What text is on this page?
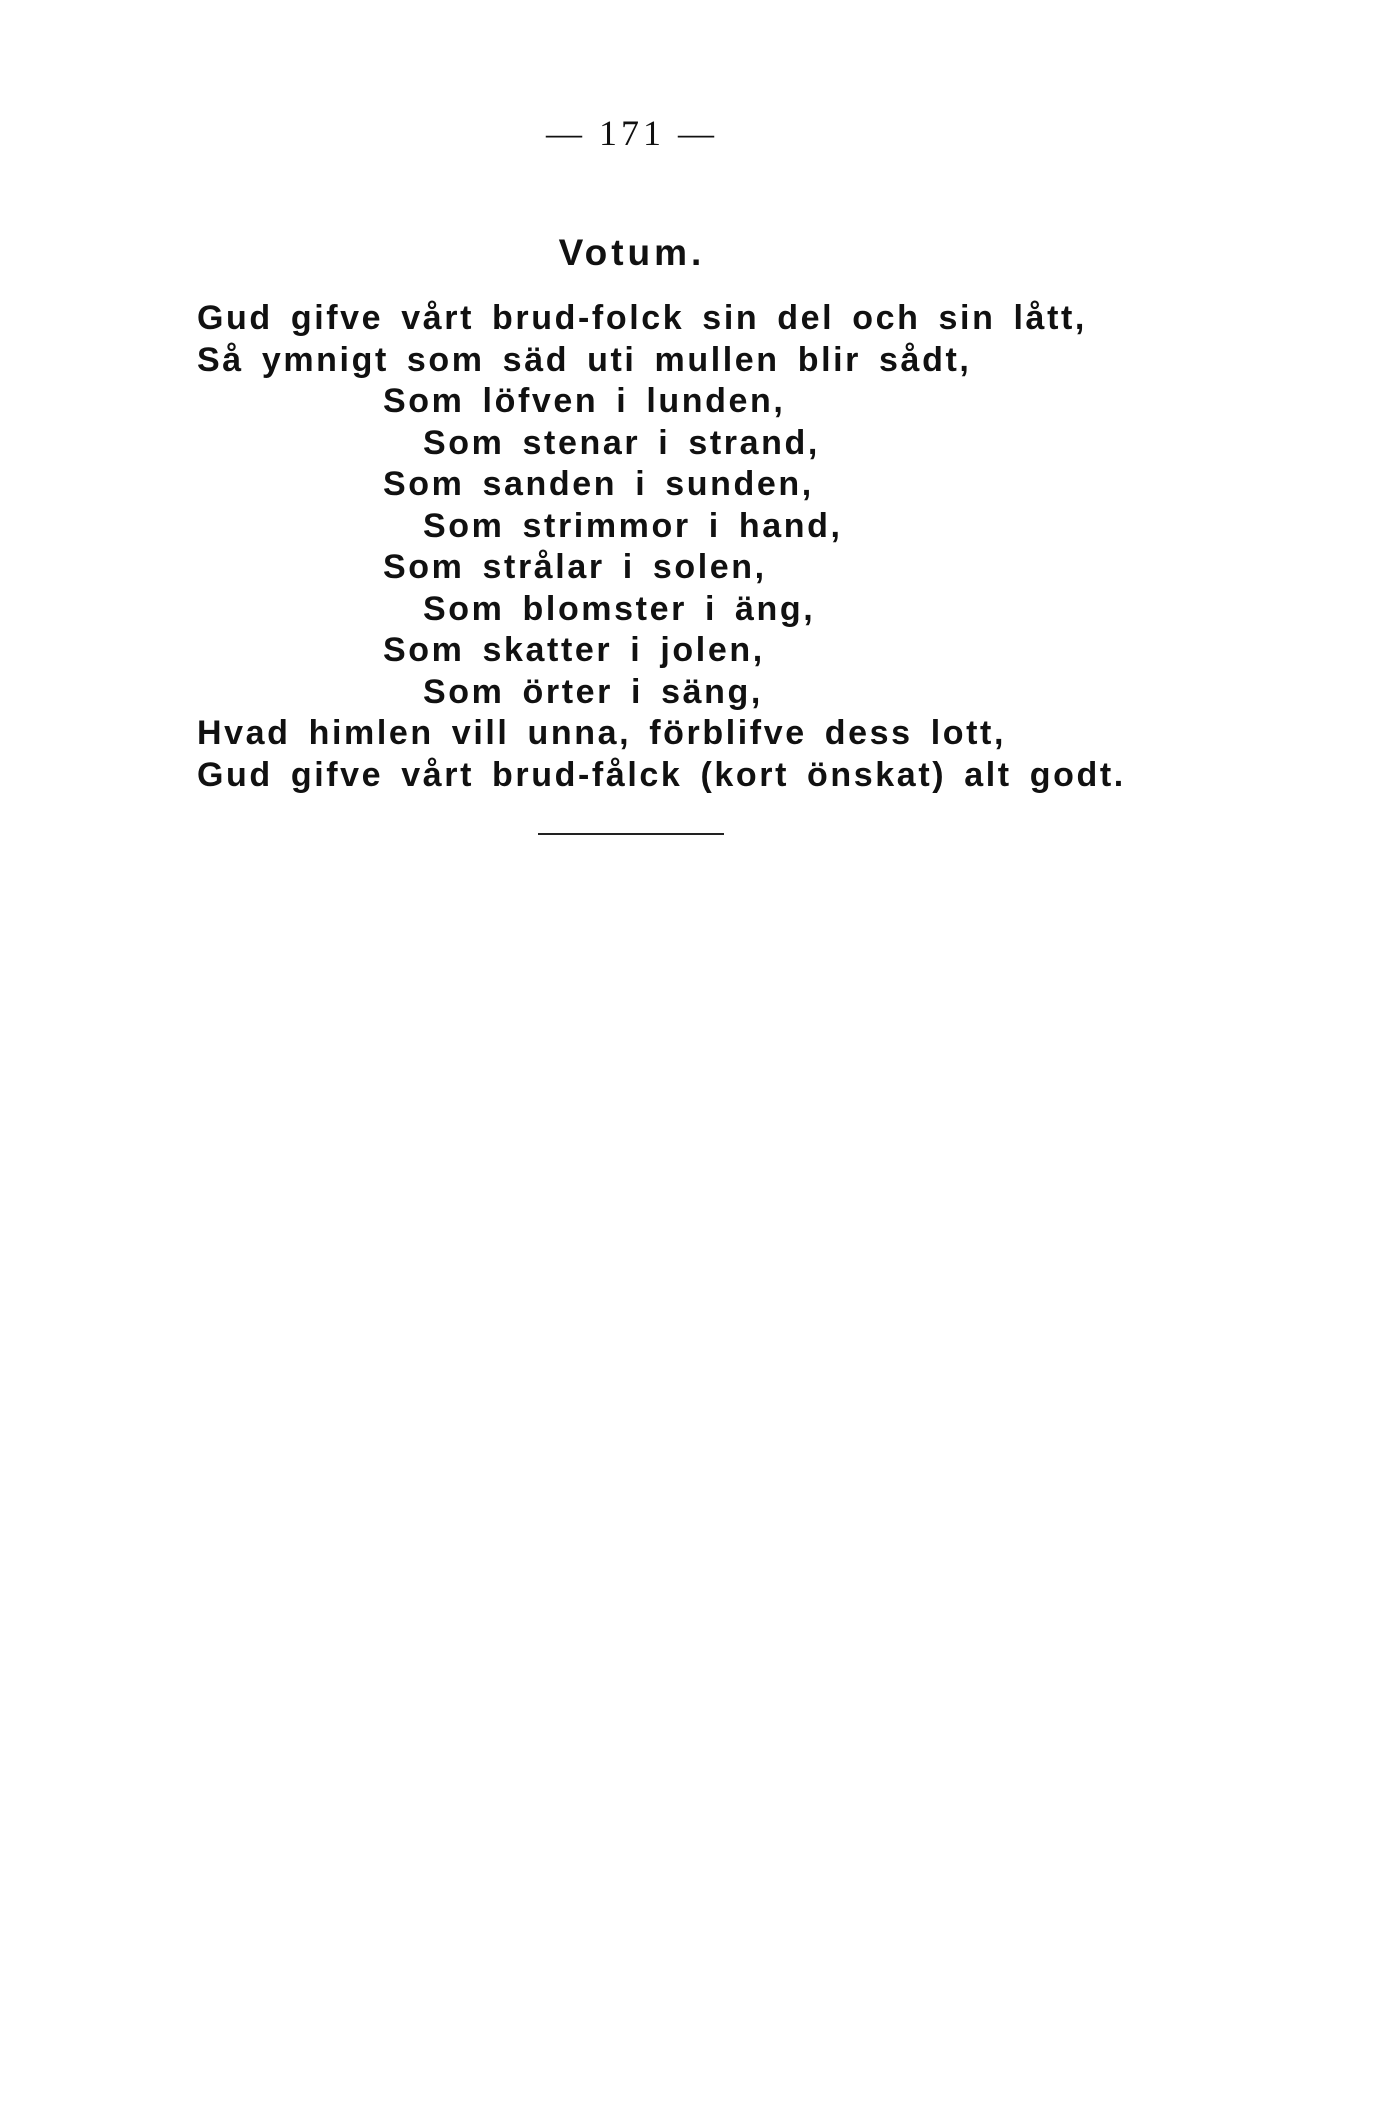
— 171 —
Votum.
Gud gifve vårt brud-folck sin del och sin lått,
Så ymnigt som säd uti mullen blir sådt,
Som löfven i lunden,
Som stenar i strand,
Som sanden i sunden,
Som strimmor i hand,
Som strålar i solen,
Som blomster i äng,
Som skatter i jolen,
Som örter i säng,
Hvad himlen vill unna, förblifve dess lott,
Gud gifve vårt brud-fålck (kort önskat) alt godt.
